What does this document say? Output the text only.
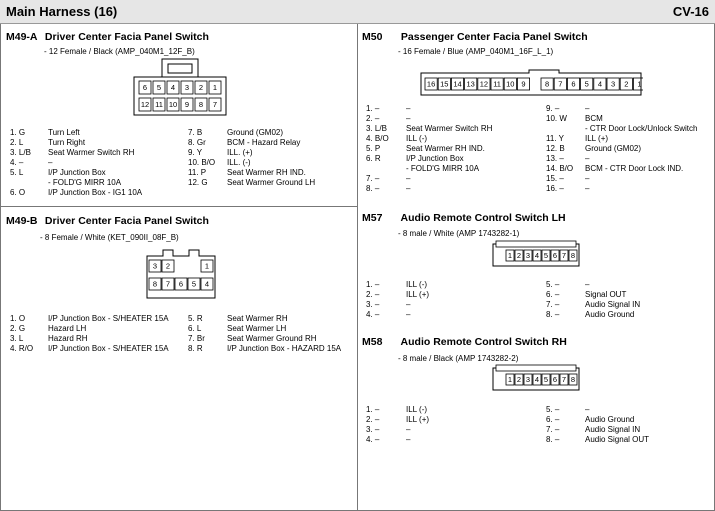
Main Harness (16)	CV-16
M49-A Driver Center Facia Panel Switch
- 12 Female / Black (AMP_040M1_12F_B)
6 5 4 3 2 1
12 11 10 9 8 7
1. G	Turn Left
2. L	Turn Right
3. L/B Seat Warmer Switch RH
4. –	–
5. L	I/P Junction Box
- FOLD'G MIRR 10A
6. O	I/P Junction Box - IG1 10A
7. B	Ground (GM02)
8. Gr	BCM - Hazard Relay
9. Y	ILL. (+)
10. B/O ILL. (-)
11. P	Seat Warmer RH IND.
12. G Seat Warmer Ground LH
M49-B Driver Center Facia Panel Switch
- 8 Female / White (KET_090II_08F_B)
3 2	1
8 7 6 5 4
1. O	I/P Junction Box - S/HEATER 15A
2. G	Hazard LH
3. L	Hazard RH
4. R/O I/P Junction Box - S/HEATER 15A
5. R	Seat Warmer RH
6. L	Seat Warmer LH
7. Br	Seat Warmer Ground RH
8. R	I/P Junction Box - HAZARD 15A
M50 Passenger Center Facia Panel Switch
- 16 Female / Blue (AMP_040M1_16F_L_1)
16 15 14 13 12 11 10 9	8 7 6 5 4 3 2 1
1. –	–
2. –	–
3. L/B Seat Warmer Switch RH
4. B/O ILL (-)
5. P	Seat Warmer RH IND.
6. R	I/P Junction Box
- FOLD'G MIRR 10A
7. –	–
8. –	–
9. –	–
10. W BCM
- CTR Door Lock/Unlock Switch
11. Y	ILL (+)
12. B	Ground (GM02)
13. –	–
14. B/O BCM - CTR Door Lock IND.
15. –	–
16. –	–
M57 Audio Remote Control Switch LH
- 8 male / White (AMP 1743282-1)
1 2 3 4 5 6 7 8
1. –	ILL (-)
2. –	ILL (+)
3. –	–
4. –	–
5. –	–
6. –	Signal OUT
7. –	Audio Signal IN
8. –	Audio Ground
M58 Audio Remote Control Switch RH
- 8 male / Black (AMP 1743282-2)
1 2 3 4 5 6 7 8
1. –	ILL (-)
2. –	ILL (+)
3. –	–
4. –	–
5. –	–
6. –	Audio Ground
7. –	Audio Signal IN
8. –	Audio Signal OUT
